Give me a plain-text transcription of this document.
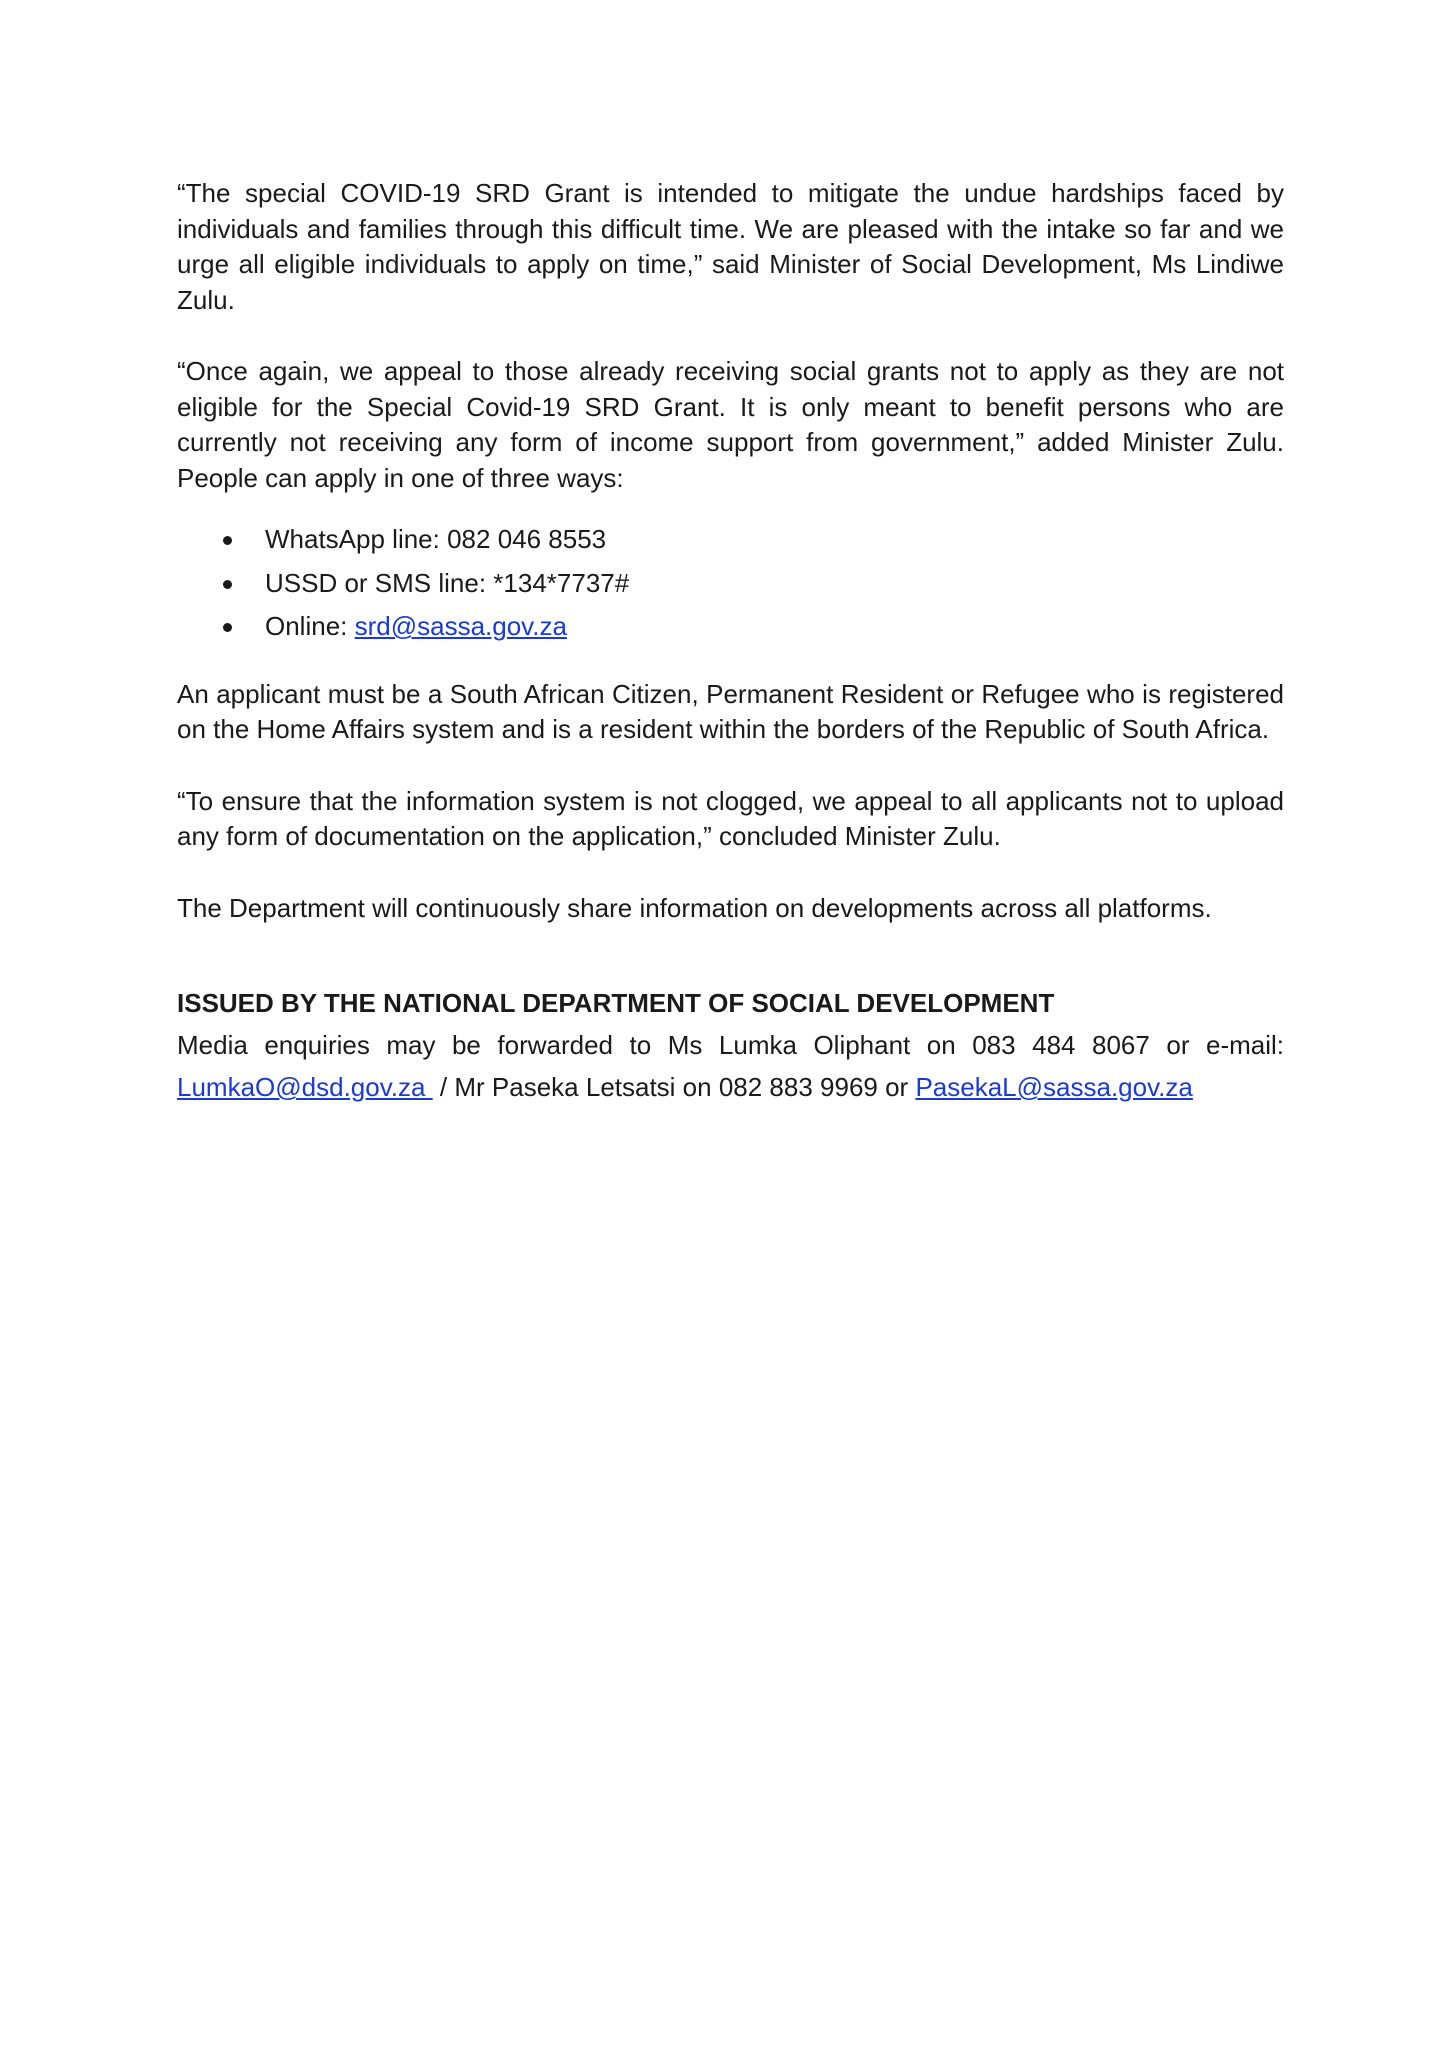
“The special COVID-19 SRD Grant is intended to mitigate the undue hardships faced by individuals and families through this difficult time. We are pleased with the intake so far and we urge all eligible individuals to apply on time,” said Minister of Social Development, Ms Lindiwe Zulu.

“Once again, we appeal to those already receiving social grants not to apply as they are not eligible for the Special Covid-19 SRD Grant. It is only meant to benefit persons who are currently not receiving any form of income support from government,” added Minister Zulu. People can apply in one of three ways:

WhatsApp line: 082 046 8553
USSD or SMS line: *134*7737#
Online: srd@sassa.gov.za

An applicant must be a South African Citizen, Permanent Resident or Refugee who is registered on the Home Affairs system and is a resident within the borders of the Republic of South Africa.

“To ensure that the information system is not clogged, we appeal to all applicants not to upload any form of documentation on the application,” concluded Minister Zulu.

The Department will continuously share information on developments across all platforms.

ISSUED BY THE NATIONAL DEPARTMENT OF SOCIAL DEVELOPMENT

Media enquiries may be forwarded to Ms Lumka Oliphant on 083 484 8067 or e-mail: LumkaO@dsd.gov.za  / Mr Paseka Letsatsi on 082 883 9969 or PasekaL@sassa.gov.za
